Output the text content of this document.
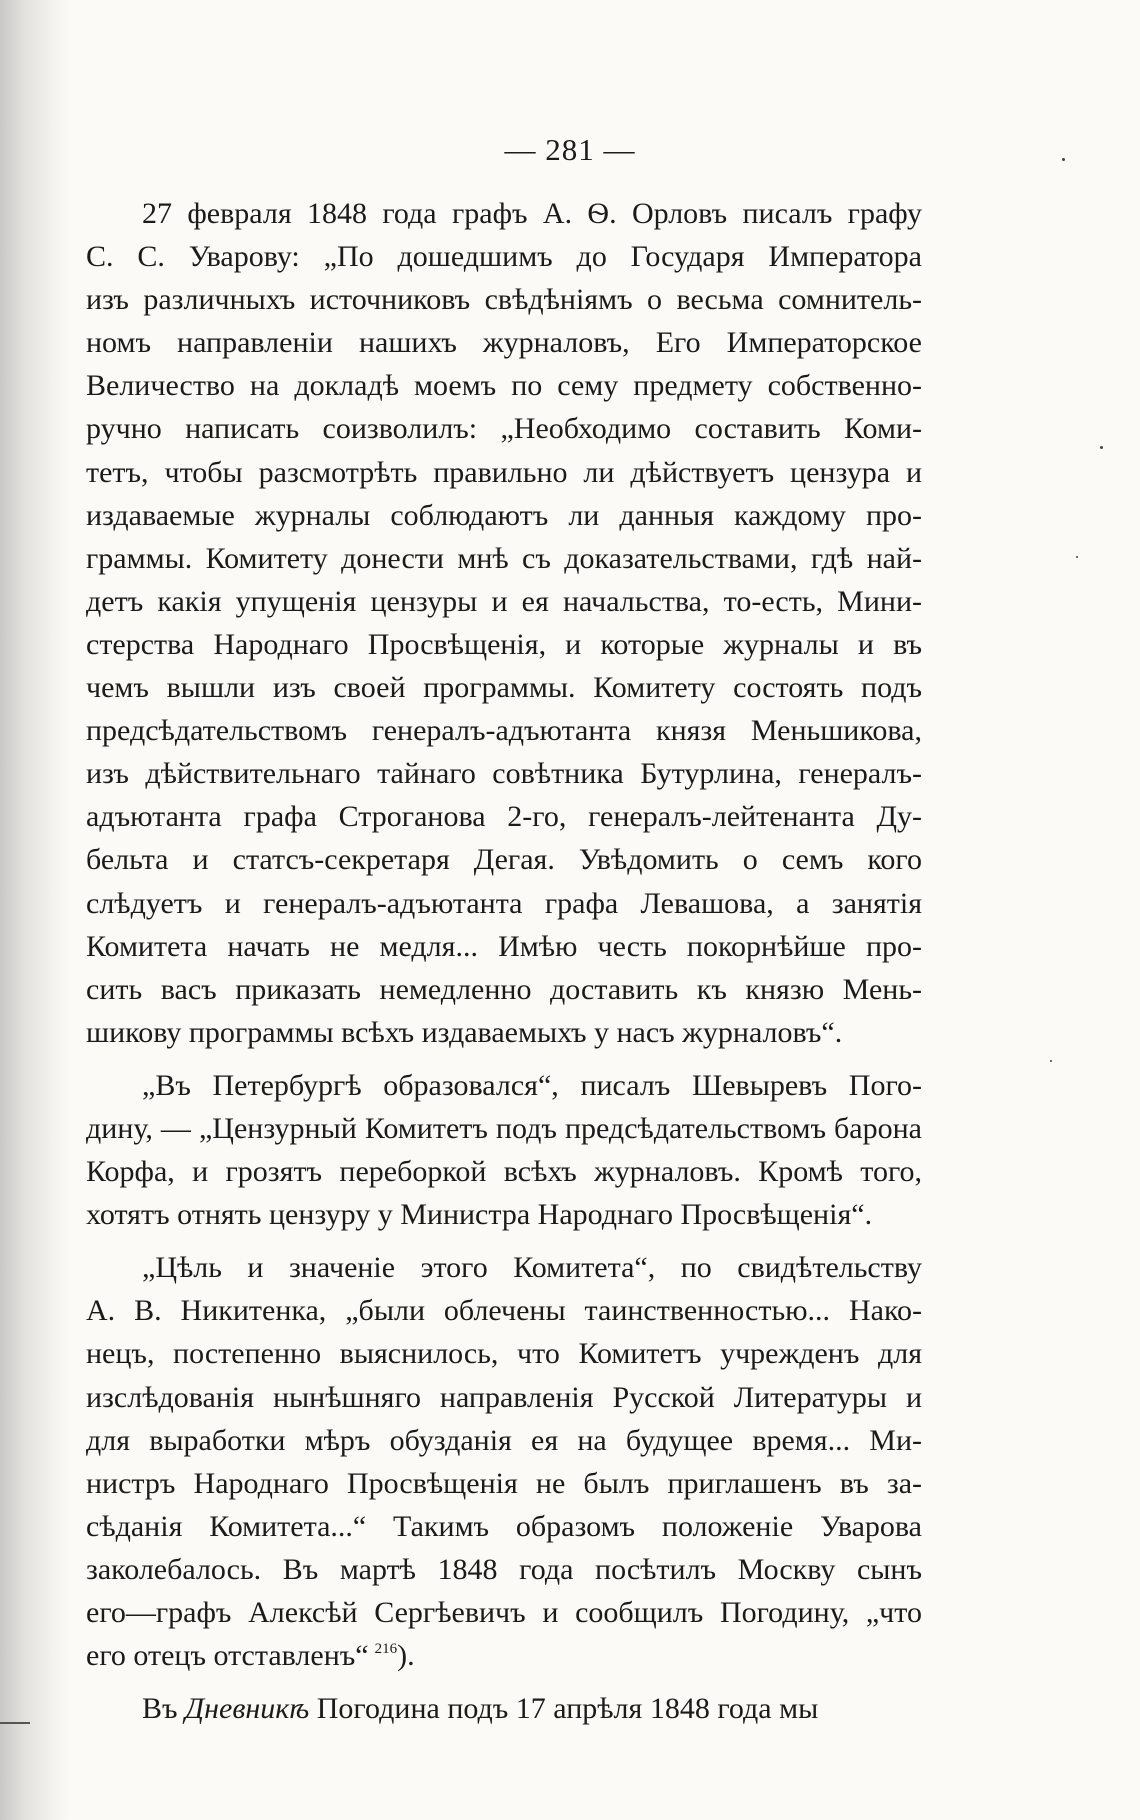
— 281 —

27 февраля 1848 года графъ А. Ѳ. Орловъ писалъ графу
С. С. Уварову: „По дошедшимъ до Государя Императора
изъ различныхъ источниковъ свѣдѣніямъ о весьма сомнитель-
номъ направленіи нашихъ журналовъ, Его Императорское
Величество на докладѣ моемъ по сему предмету собственно-
ручно написать соизволилъ: „Необходимо составить Коми-
тетъ, чтобы разсмотрѣть правильно ли дѣйствуетъ цензура и
издаваемые журналы соблюдаютъ ли данныя каждому про-
граммы. Комитету донести мнѣ съ доказательствами, гдѣ най-
детъ какія упущенія цензуры и ея начальства, то-есть, Мини-
стерства Народнаго Просвѣщенія, и которые журналы и въ
чемъ вышли изъ своей программы. Комитету состоять подъ
предсѣдательствомъ генералъ-адъютанта князя Меньшикова,
изъ дѣйствительнаго тайнаго совѣтника Бутурлина, генералъ-
адъютанта графа Строганова 2-го, генералъ-лейтенанта Ду-
бельта и статсъ-секретаря Дегая. Увѣдомить о семъ кого
слѣдуетъ и генералъ-адъютанта графа Левашова, а занятія
Комитета начать не медля... Имѣю честь покорнѣйше про-
сить васъ приказать немедленно доставить къ князю Мень-
шикову программы всѣхъ издаваемыхъ у насъ журналовъ“.

„Въ Петербургѣ образовался“, писалъ Шевыревъ Пого-
дину, — „Цензурный Комитетъ подъ предсѣдательствомъ барона
Корфа, и грозятъ переборкой всѣхъ журналовъ. Кромѣ того,
хотятъ отнять цензуру у Министра Народнаго Просвѣщенія“.

„Цѣль и значеніе этого Комитета“, по свидѣтельству
А. В. Никитенка, „были облечены таинственностью... Нако-
нецъ, постепенно выяснилось, что Комитетъ учрежденъ для
изслѣдованія нынѣшняго направленія Русской Литературы и
для выработки мѣръ обузданія ея на будущее время... Ми-
нистръ Народнаго Просвѣщенія не былъ приглашенъ въ за-
сѣданія Комитета...“ Такимъ образомъ положеніе Уварова
заколебалось. Въ мартѣ 1848 года посѣтилъ Москву сынъ
его—графъ Алексѣй Сергѣевичъ и сообщилъ Погодину, „что
его отецъ отставленъ“ $^{216}$).

Въ Дневникѣ Погодина подъ 17 апрѣля 1848 года мы
